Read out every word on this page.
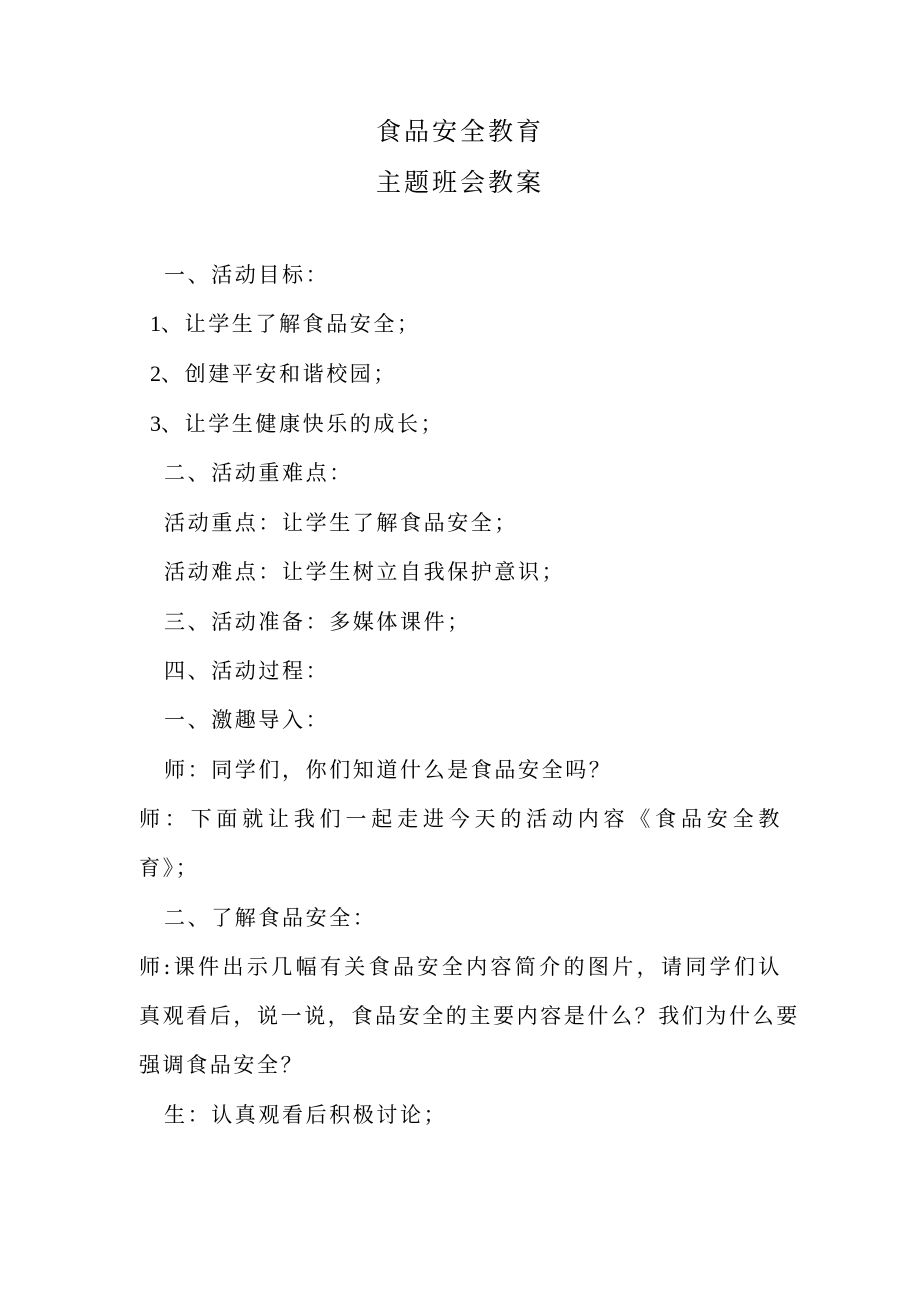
食品安全教育
主题班会教案
一、活动目标：
1、让学生了解食品安全；
2、创建平安和谐校园；
3、让学生健康快乐的成长；
二、活动重难点：
活动重点：让学生了解食品安全；
活动难点：让学生树立自我保护意识；
三、活动准备：多媒体课件；
四、活动过程：
一、激趣导入：
师：同学们，你们知道什么是食品安全吗？
师：下面就让我们一起走进今天的活动内容《食品安全教
育》；
二、了解食品安全：
师:课件出示几幅有关食品安全内容简介的图片，请同学们认
真观看后，说一说，食品安全的主要内容是什么？我们为什么要
强调食品安全？
生：认真观看后积极讨论；
